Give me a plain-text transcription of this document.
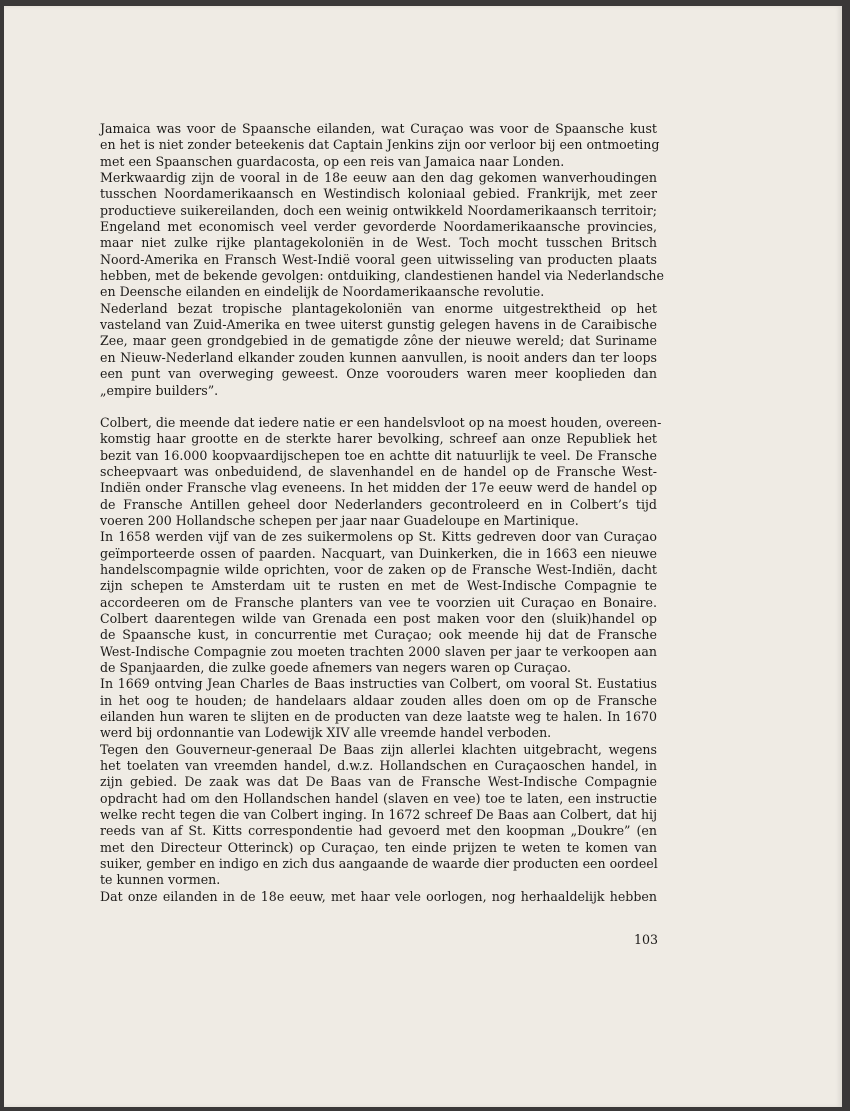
Jamaica was voor de Spaansche eilanden, wat Curaçao was voor de Spaansche kust
en het is niet zonder beteekenis dat Captain Jenkins zijn oor verloor bij een ontmoeting
met een Spaanschen guardacosta, op een reis van Jamaica naar Londen.
Merkwaardig zijn de vooral in de 18e eeuw aan den dag gekomen wanverhoudingen
tusschen Noordamerikaansch en Westindisch koloniaal gebied. Frankrijk, met zeer
productieve suikereilanden, doch een weinig ontwikkeld Noordamerikaansch territoir;
Engeland met economisch veel verder gevorderde Noordamerikaansche provincies,
maar niet zulke rijke plantagekoloniën in de West. Toch mocht tusschen Britsch
Noord-Amerika en Fransch West-Indië vooral geen uitwisseling van producten plaats
hebben, met de bekende gevolgen: ontduiking, clandestienen handel via Nederlandsche
en Deensche eilanden en eindelijk de Noordamerikaansche revolutie.
Nederland bezat tropische plantagekoloniën van enorme uitgestrektheid op het
vasteland van Zuid-Amerika en twee uiterst gunstig gelegen havens in de Caraibische
Zee, maar geen grondgebied in de gematigde zône der nieuwe wereld; dat Suriname
en Nieuw-Nederland elkander zouden kunnen aanvullen, is nooit anders dan ter loops
een punt van overweging geweest. Onze voorouders waren meer kooplieden dan
„empire builders”.
Colbert, die meende dat iedere natie er een handelsvloot op na moest houden, overeen-
komstig haar grootte en de sterkte harer bevolking, schreef aan onze Republiek het
bezit van 16.000 koopvaardijschepen toe en achtte dit natuurlijk te veel. De Fransche
scheepvaart was onbeduidend, de slavenhandel en de handel op de Fransche West-
Indiën onder Fransche vlag eveneens. In het midden der 17e eeuw werd de handel op
de Fransche Antillen geheel door Nederlanders gecontroleerd en in Colbert’s tijd
voeren 200 Hollandsche schepen per jaar naar Guadeloupe en Martinique.
In 1658 werden vijf van de zes suikermolens op St. Kitts gedreven door van Curaçao
geïmporteerde ossen of paarden. Nacquart, van Duinkerken, die in 1663 een nieuwe
handelscompagnie wilde oprichten, voor de zaken op de Fransche West-Indiën, dacht
zijn schepen te Amsterdam uit te rusten en met de West-Indische Compagnie te
accordeeren om de Fransche planters van vee te voorzien uit Curaçao en Bonaire.
Colbert daarentegen wilde van Grenada een post maken voor den (sluik)handel op
de Spaansche kust, in concurrentie met Curaçao; ook meende hij dat de Fransche
West-Indische Compagnie zou moeten trachten 2000 slaven per jaar te verkoopen aan
de Spanjaarden, die zulke goede afnemers van negers waren op Curaçao.
In 1669 ontving Jean Charles de Baas instructies van Colbert, om vooral St. Eustatius
in het oog te houden; de handelaars aldaar zouden alles doen om op de Fransche
eilanden hun waren te slijten en de producten van deze laatste weg te halen. In 1670
werd bij ordonnantie van Lodewijk XIV alle vreemde handel verboden.
Tegen den Gouverneur-generaal De Baas zijn allerlei klachten uitgebracht, wegens
het toelaten van vreemden handel, d.w.z. Hollandschen en Curaçaoschen handel, in
zijn gebied. De zaak was dat De Baas van de Fransche West-Indische Compagnie
opdracht had om den Hollandschen handel (slaven en vee) toe te laten, een instructie
welke recht tegen die van Colbert inging. In 1672 schreef De Baas aan Colbert, dat hij
reeds van af St. Kitts correspondentie had gevoerd met den koopman „Doukre” (en
met den Directeur Otterinck) op Curaçao, ten einde prijzen te weten te komen van
suiker, gember en indigo en zich dus aangaande de waarde dier producten een oordeel
te kunnen vormen.
Dat onze eilanden in de 18e eeuw, met haar vele oorlogen, nog herhaaldelijk hebben
103
